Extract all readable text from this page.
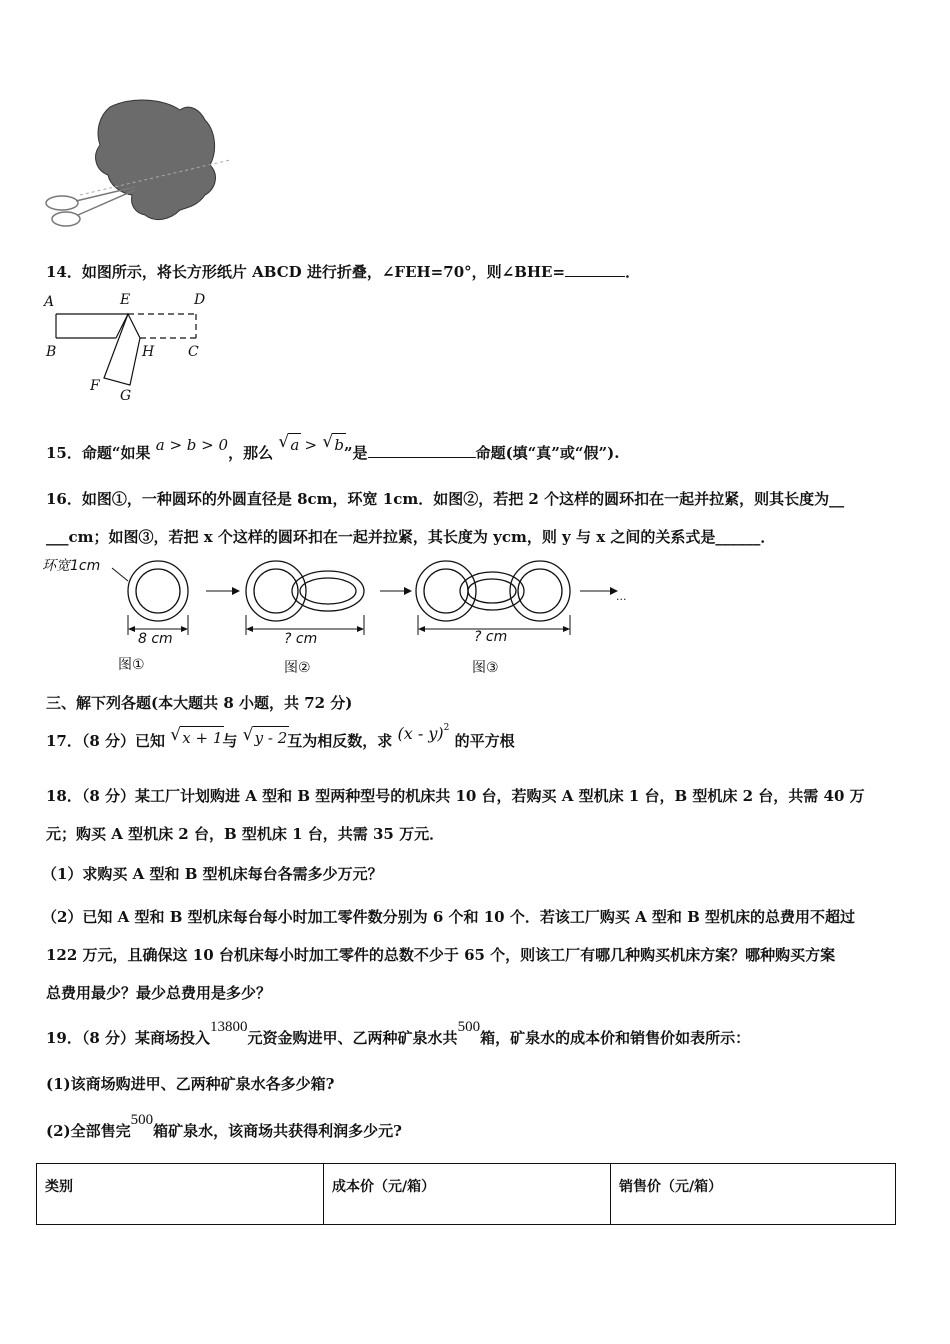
14．如图所示，将长方形纸片 ABCD 进行折叠，∠FEH=70°，则∠BHE=	．
A	E	D
B	H C
F
G
15．命题“如果 a > b > 0，那么
√ a > √ b”是	命题(填“真”或“假”).
16．如图①，一种圆环的外圆直径是 8cm，环宽 1cm．如图②，若把 2 个这样的圆环扣在一起并拉紧，则其长度为__
___cm；如图③，若把 x 个这样的圆环扣在一起并拉紧，其长度为 ycm，则 y 与 x 之间的关系式是______．
环宽1cm
8 cm	? cm	? cm
···
图①	图②	图③
三、解下列各题(本大题共 8 小题，共 72 分)
17．（8 分）已知 √ x + 1与 √ y - 2互为相反数，求 (x - y)$^2$ 的平方根
18．（8 分）某工厂计划购进 A 型和 B 型两种型号的机床共 10 台，若购买 A 型机床 1 台，B 型机床 2 台，共需 40 万
元；购买 A 型机床 2 台，B 型机床 1 台，共需 35 万元．
（1）求购买 A 型和 B 型机床每台各需多少万元？
（2）已知 A 型和 B 型机床每台每小时加工零件数分别为 6 个和 10 个．若该工厂购买 A 型和 B 型机床的总费用不超过
122 万元，且确保这 10 台机床每小时加工零件的总数不少于 65 个，则该工厂有哪几种购买机床方案？哪种购买方案
总费用最少？最少总费用是多少？
19．（8 分）某商场投入13800元资金购进甲、乙两种矿泉水共500箱，矿泉水的成本价和销售价如表所示：
(1)该商场购进甲、乙两种矿泉水各多少箱?
(2)全部售完500箱矿泉水，该商场共获得利润多少元?
类别	成本价（元/箱）	销售价（元/箱）
